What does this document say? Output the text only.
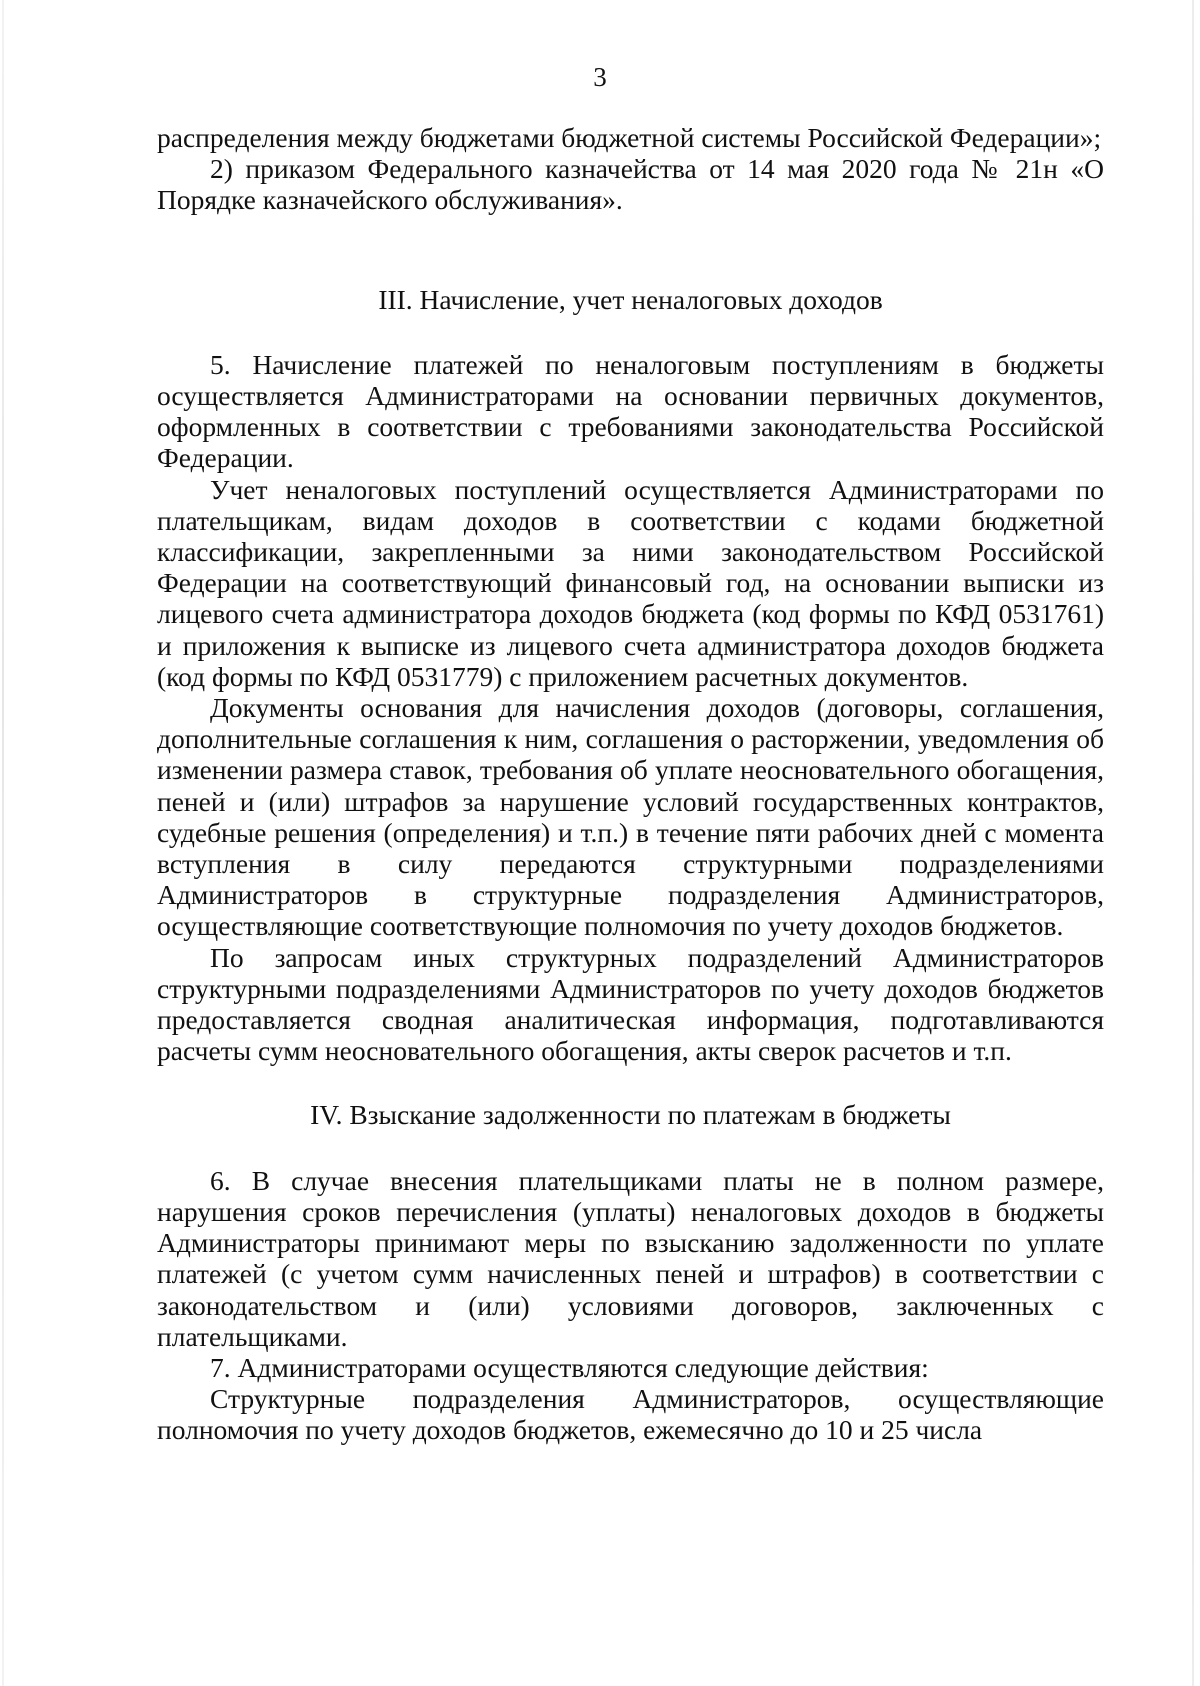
3

распределения между бюджетами бюджетной системы Российской Федерации»;

2) приказом Федерального казначейства от 14 мая 2020 года № 21н «О Порядке казначейского обслуживания».

III. Начисление, учет неналоговых доходов

5. Начисление платежей по неналоговым поступлениям в бюджеты осуществляется Администраторами на основании первичных документов, оформленных в соответствии с требованиями законодательства Российской Федерации.

Учет неналоговых поступлений осуществляется Администраторами по плательщикам, видам доходов в соответствии с кодами бюджетной классификации, закрепленными за ними законодательством Российской Федерации на соответствующий финансовый год, на основании выписки из лицевого счета администратора доходов бюджета (код формы по КФД 0531761) и приложения к выписке из лицевого счета администратора доходов бюджета (код формы по КФД 0531779) с приложением расчетных документов.

Документы основания для начисления доходов (договоры, соглашения, дополнительные соглашения к ним, соглашения о расторжении, уведомления об изменении размера ставок, требования об уплате неосновательного обогащения, пеней и (или) штрафов за нарушение условий государственных контрактов, судебные решения (определения) и т.п.) в течение пяти рабочих дней с момента вступления в силу передаются структурными подразделениями Администраторов в структурные подразделения Администраторов, осуществляющие соответствующие полномочия по учету доходов бюджетов.

По запросам иных структурных подразделений Администраторов структурными подразделениями Администраторов по учету доходов бюджетов предоставляется сводная аналитическая информация, подготавливаются расчеты сумм неосновательного обогащения, акты сверок расчетов и т.п.

IV. Взыскание задолженности по платежам в бюджеты

6. В случае внесения плательщиками платы не в полном размере, нарушения сроков перечисления (уплаты) неналоговых доходов в бюджеты Администраторы принимают меры по взысканию задолженности по уплате платежей (с учетом сумм начисленных пеней и штрафов) в соответствии с законодательством и (или) условиями договоров, заключенных с плательщиками.

7. Администраторами осуществляются следующие действия:

Структурные подразделения Администраторов, осуществляющие полномочия по учету доходов бюджетов, ежемесячно до 10 и 25 числа
